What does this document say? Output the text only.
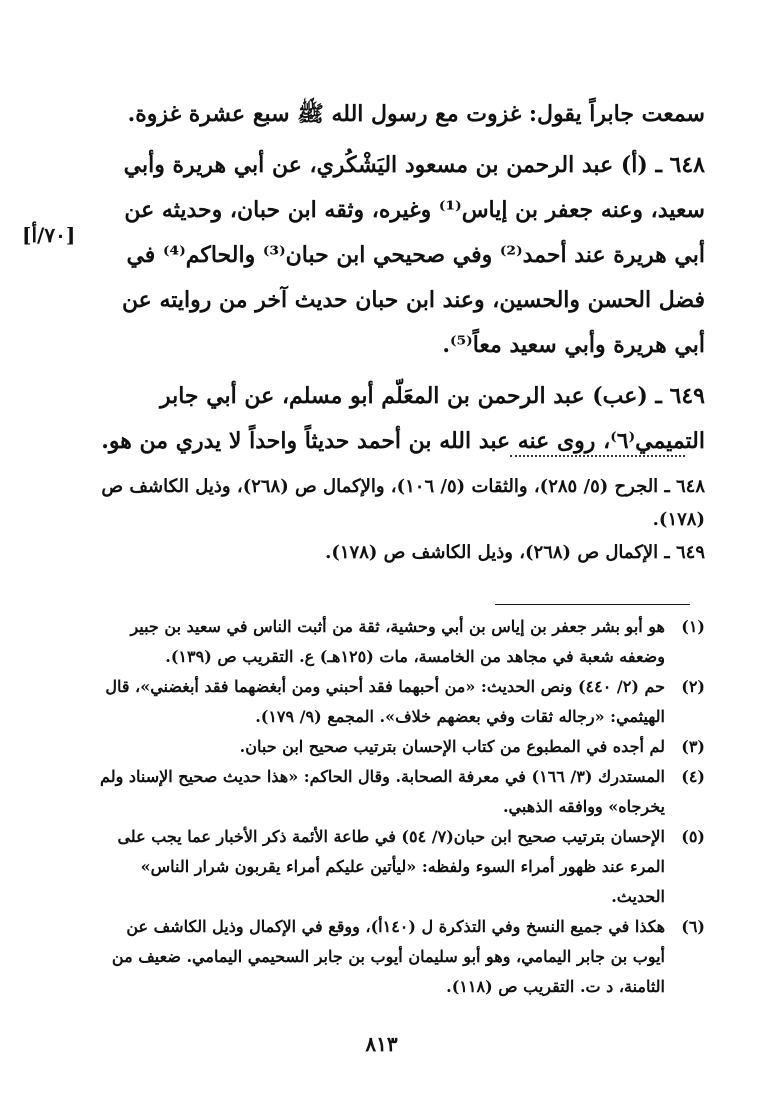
سمعت جابراً يقول: غزوت مع رسول الله ﷺ سبع عشرة غزوة.

٦٤٨ ـ (أ) عبد الرحمن بن مسعود اليَشْكُري، عن أبي هريرة وأبي سعيد، وعنه جعفر بن إياس⁽¹⁾ وغيره، وثقه ابن حبان، وحديثه عن أبي هريرة عند أحمد⁽²⁾ وفي صحيحي ابن حبان⁽³⁾ والحاكم⁽⁴⁾ في فضل الحسن والحسين، وعند ابن حبان حديث آخر من روايته عن أبي هريرة وأبي سعيد معاً⁽⁵⁾.

٦٤٩ ـ (عب) عبد الرحمن بن المعَلّم أبو مسلم، عن أبي جابر التميمي⁽٦⁾، روى عنه عبد الله بن أحمد حديثاً واحداً لا يدري من هو.

[٧٠/أ]

٦٤٨ ـ الجرح (٥/ ٢٨٥)، والثقات (٥/ ١٠٦)، والإكمال ص (٢٦٨)، وذيل الكاشف ص (١٧٨).

٦٤٩ ـ الإكمال ص (٢٦٨)، وذيل الكاشف ص (١٧٨).

(١)
هو أبو بشر جعفر بن إياس بن أبي وحشية، ثقة من أثبت الناس في سعيد بن جبير وضعفه شعبة في مجاهد من الخامسة، مات (١٢٥هـ) ع. التقريب ص (١٣٩).

(٢)
حم (٢/ ٤٤٠) ونص الحديث: «من أحبهما فقد أحبني ومن أبغضهما فقد أبغضني»، قال الهيثمي: «رجاله ثقات وفي بعضهم خلاف». المجمع (٩/ ١٧٩).

(٣)
لم أجده في المطبوع من كتاب الإحسان بترتيب صحيح ابن حبان.

(٤)
المستدرك (٣/ ١٦٦) في معرفة الصحابة. وقال الحاكم: «هذا حديث صحيح الإسناد ولم يخرجاه» ووافقه الذهبي.

(٥)
الإحسان بترتيب صحيح ابن حبان(٧/ ٥٤) في طاعة الأئمة ذكر الأخبار عما يجب على المرء عند ظهور أمراء السوء ولفظه: «ليأتين عليكم أمراء يقربون شرار الناس» الحديث.

(٦)
هكذا في جميع النسخ وفي التذكرة ل (١٤٠أ)، ووقع في الإكمال وذيل الكاشف عن أيوب بن جابر اليمامي، وهو أبو سليمان أيوب بن جابر السحيمي اليمامي. ضعيف من الثامنة، د ت. التقريب ص (١١٨).

٨١٣
